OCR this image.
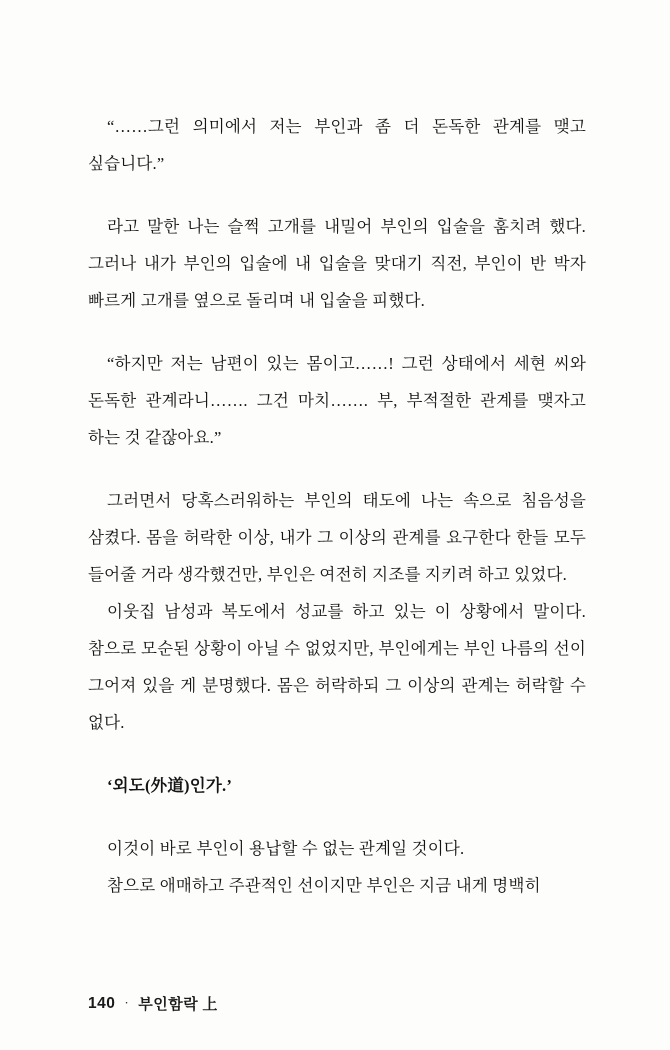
“……그런 의미에서 저는 부인과 좀 더 돈독한 관계를 맺고 싶습니다.”

라고 말한 나는 슬쩍 고개를 내밀어 부인의 입술을 훔치려 했다. 그러나 내가 부인의 입술에 내 입술을 맞대기 직전, 부인이 반 박자 빠르게 고개를 옆으로 돌리며 내 입술을 피했다.

“하지만 저는 남편이 있는 몸이고……! 그런 상태에서 세현 씨와 돈독한 관계라니……. 그건 마치……. 부, 부적절한 관계를 맺자고 하는 것 같잖아요.”

그러면서 당혹스러워하는 부인의 태도에 나는 속으로 침음성을 삼켰다. 몸을 허락한 이상, 내가 그 이상의 관계를 요구한다 한들 모두 들어줄 거라 생각했건만, 부인은 여전히 지조를 지키려 하고 있었다.

이웃집 남성과 복도에서 성교를 하고 있는 이 상황에서 말이다. 참으로 모순된 상황이 아닐 수 없었지만, 부인에게는 부인 나름의 선이 그어져 있을 게 분명했다. 몸은 허락하되 그 이상의 관계는 허락할 수 없다.

‘외도(外道)인가.’

이것이 바로 부인이 용납할 수 없는 관계일 것이다.

참으로 애매하고 주관적인 선이지만 부인은 지금 내게 명백히

140 · 부인함락 上
